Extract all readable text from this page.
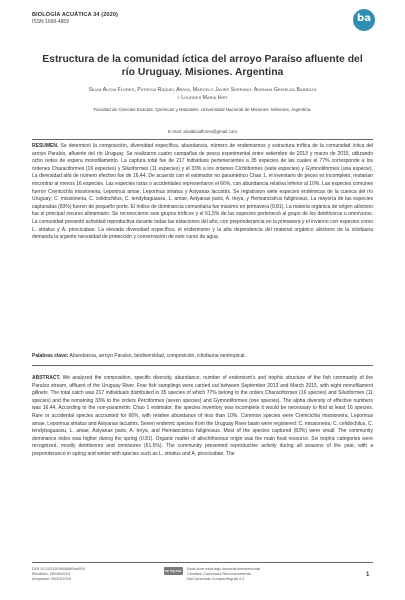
BIOLOGÍA ACUÁTICA 34 (2020)
ISSN 1668-4869	ba
Estructura de la comunidad íctica del arroyo Paraíso afluente del río Uruguay. Misiones. Argentina
Silvia Alicia Flores, Patricia Raquel Araya, Marcelo Javier Serrano, Adriana Griselda Barboza
y Lourdes María Hirt
Facultad de Ciencias Exactas, Químicas y Naturales. Universidad Nacional de Misiones. Misiones, Argentina.
E-mail: silvialiciaflores@gmail.com
RESUMEN. Se determinó la composición, diversidad específica, abundancia, número de endemismos y estructura trófica de la comunidad íctica del arroyo Paraíso, afluente del río Uruguay. Se realizaron cuatro campañas de pesca experimental entre setiembre de 2013 y marzo de 2015, utilizando ocho redes de espera monofilamento. La captura total fue de 217 individuos pertenecientes a 35 especies de las cuales el 77% corresponde a los órdenes Characiformes (16 especies) y Siluriformes (11 especies) y el 33% a los órdenes Cichliformes (siete especies) y Gymnotiformes (una especie). La diversidad alfa de número efectivo fue de 16,44. De acuerdo con el estimador no paramétrico Chao 1, el inventario de peces es incompleto, restarían encontrar al menos 16 especies. Las especies raras o accidentales representaron el 66%, con abundancia relativa inferior al 10%. Las especies comunes fueron Crenicichla missioneira, Leporinus amae, Leporinus striatus y Astyanax lacustris. Se registraron siete especies endémicas de la cuenca del río Uruguay: C. missioneira, C. celidochilus, C. tendybaguassu, L. amae, Astyanax paris, A. troya, y Hemiancistrus fuliginosus. La mayoría de las especies capturadas (83%) fueron de pequeño porte. El índice de dominancia comunitaria fue máximo en primavera (0,81). La materia orgánica de origen alóctono fue el principal recurso alimentario. Se reconocieron seis grupos tróficos y el 61,5% de las especies perteneció al grupo de los detritívoros u omnívoros. La comunidad presentó actividad reproductiva durante todas las estaciones del año, con preponderancia en la primavera y el invierno con especies como L. striatus y A. pirocicabae. La elevada diversidad específica, el endemismo y la alta dependencia del material orgánico alóctono de la ictiofauna demanda la urgente necesidad de protección y conservación de este curso de agua.
Palabras clave: Abundancia, arroyo Paraíso, biodiversidad, composición, ictiofauna neotropical.
ABSTRACT. We analyzed the composition, specific diversity, abundance, number of endemism's and trophic structure of the fish community of the Paraíso stream, affluent of the Uruguay River. Four fish samplings were carried out between September 2013 and March 2015, with eight monofilament gillnets. The total catch was 217 individuals distributed in 35 species of which 77% belong to the orders Characiformes (16 species) and Siluriformes (11 species) and the remaining 33% to the orders Perciformes (seven species) and Gymnotiformes (one species). The alpha diversity of effective numbers was 16.44. According to the non-parametric Chao 1 estimator, the species inventory was incomplete it would be necessary to find at least 16 species. Rare or accidental species accounted for 66%, with relative abundance of less than 10%. Common species were Crenicichla missioneira, Leporinus amae, Leporinus striatus and Astyanax lacustris. Seven endemic species from the Uruguay River basin were registered: C. missioneira, C. celidochilus, C. tendybaguassu, L. amae, Astyanax paris, A. troya, and Hemiancistrus fuliginosus. Most of the species captured (83%) were small. The community dominance index was higher during the spring (0.81). Organic matter of allochthonous origin was the main food resource. Six trophic categories were recognized, mostly detritivores and omnivores (61.5%). The community presented reproductive activity during all seasons of the year, with a preponderance in spring and winter with species such as L. striatus and A. pirocicabae. The
DOI 10.24215/16684869e009
Recibido: 26/08/2019
Aceptado: 05/12/2019
cc by-nc-sa
Esta obra está bajo licencia Internacional
Creative Commons Reconocimiento
NoComercial-CompartirIgual 4.0
1
